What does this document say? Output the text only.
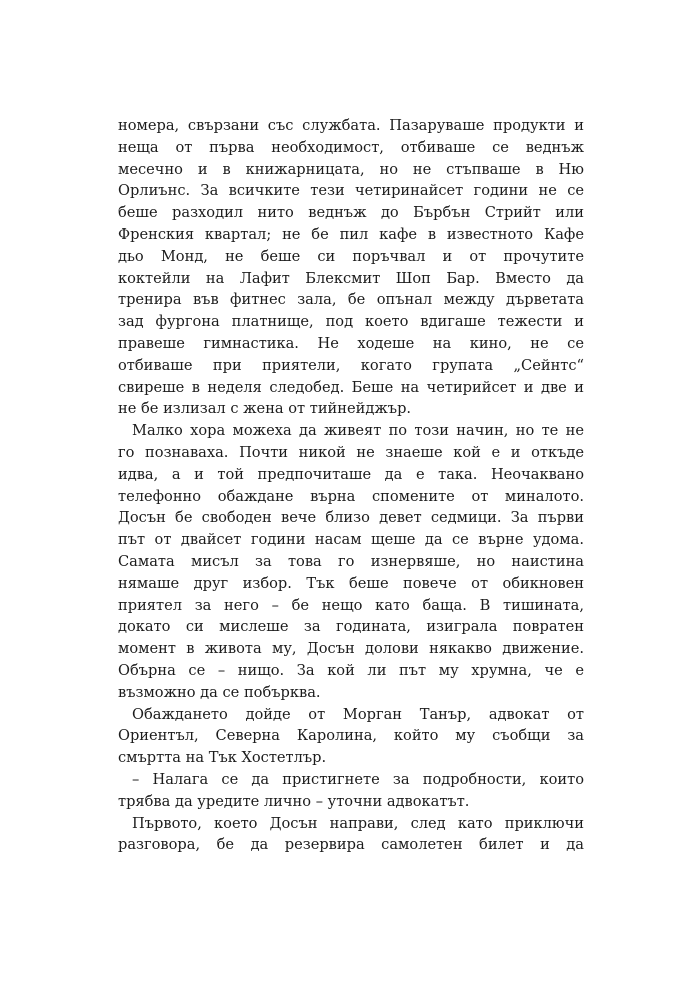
номера, свързани със службата. Пазаруваше продукти и
неща от първа необходимост, отбиваше се веднъж
месечно и в книжарницата, но не стъпваше в Ню
Орлиънс. За всичките тези четиринайсет години не се
беше разходил нито веднъж до Бърбън Стрийт или
Френския квартал; не бе пил кафе в известното Кафе
дьо Монд, не беше си поръчвал и от прочутите
коктейли на Лафит Блексмит Шоп Бар. Вместо да
тренира във фитнес зала, бе опънал между дърветата
зад фургона платнище, под което вдигаше тежести и
правеше гимнастика. Не ходеше на кино, не се
отбиваше при приятели, когато групата „Сейнтс“
свиреше в неделя следобед. Беше на четирийсет и две и
не бе излизал с жена от тийнейджър.

Малко хора можеха да живеят по този начин, но те не
го познаваха. Почти никой не знаеше кой е и откъде
идва, а и той предпочиташе да е така. Неочаквано
телефонно обаждане върна спомените от миналото.
Досън бе свободен вече близо девет седмици. За първи
път от двайсет години насам щеше да се върне удома.
Самата мисъл за това го изнервяше, но наистина
нямаше друг избор. Тък беше повече от обикновен
приятел за него – бе нещо като баща. В тишината,
докато си мислеше за годината, изиграла повратен
момент в живота му, Досън долови някакво движение.
Обърна се – нищо. За кой ли път му хрумна, че е
възможно да се побърква.

Обаждането дойде от Морган Танър, адвокат от
Ориентъл, Северна Каролина, който му съобщи за
смъртта на Тък Хостетлър.

– Налага се да пристигнете за подробности, които
трябва да уредите лично – уточни адвокатът.

Първото, което Досън направи, след като приключи
разговора, бе да резервира самолетен билет и да
